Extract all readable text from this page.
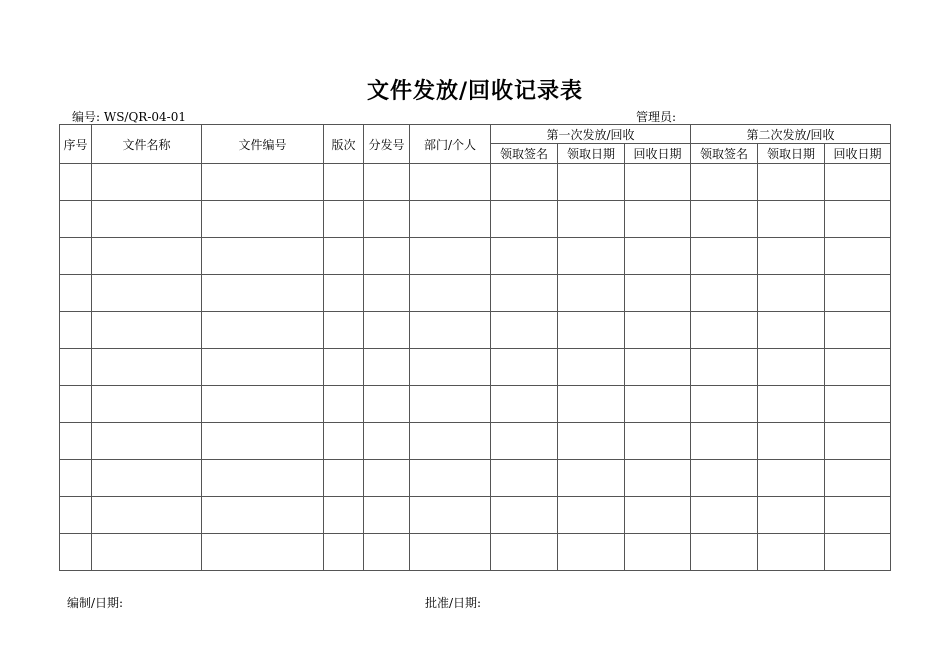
文件发放/回收记录表
编号: WS/QR-04-01	管理员:
序号	文件名称	文件编号	版次	分发号	部门/个人	第一次发放/回收			第二次发放/回收		
						领取签名	领取日期	回收日期	领取签名	领取日期	回收日期

编制/日期:	批准/日期:
